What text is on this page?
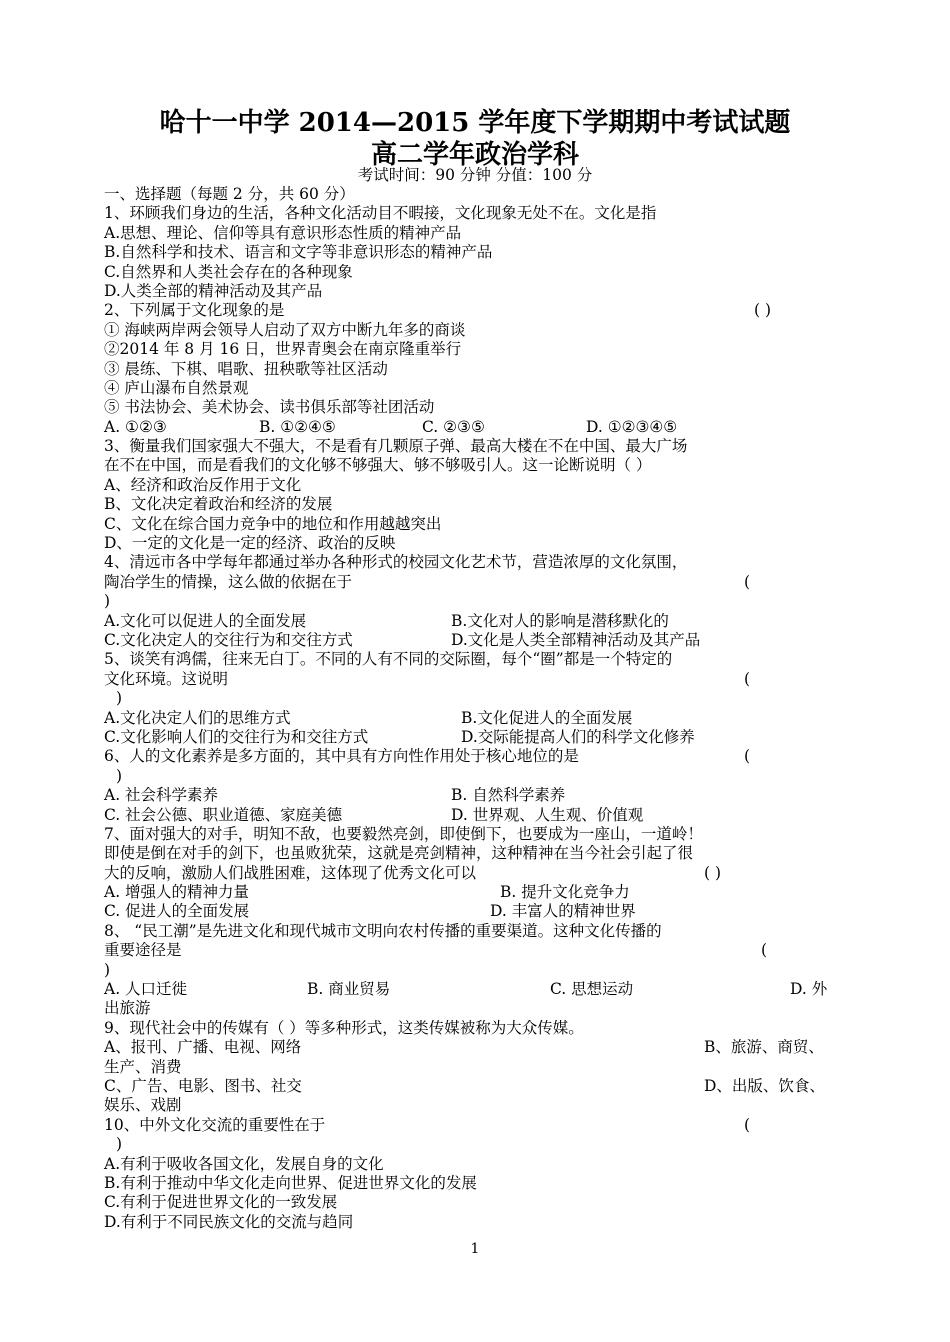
哈十一中学 2014—2015 学年度下学期期中考试试题
高二学年政治学科
考试时间：90 分钟 分值：100 分
一、选择题（每题 2 分，共 60 分）
1、环顾我们身边的生活，各种文化活动目不暇接，文化现象无处不在。文化是指
A.思想、理论、信仰等具有意识形态性质的精神产品
B.自然科学和技术、语言和文字等非意识形态的精神产品
C.自然界和人类社会存在的各种现象
D.人类全部的精神活动及其产品
2、下列属于文化现象的是	( )
① 海峡两岸两会领导人启动了双方中断九年多的商谈
②2014 年 8 月 16 日，世界青奥会在南京隆重举行
③ 晨练、下棋、唱歌、扭秧歌等社区活动
④ 庐山瀑布自然景观
⑤ 书法协会、美术协会、读书俱乐部等社团活动
A. ①②③	B. ①②④⑤	C. ②③⑤	D. ①②③④⑤
3、衡量我们国家强大不强大，不是看有几颗原子弹、最高大楼在不在中国、最大广场
在不在中国，而是看我们的文化够不够强大、够不够吸引人。这一论断说明（ ）
A、经济和政治反作用于文化
B、文化决定着政治和经济的发展
C、文化在综合国力竞争中的地位和作用越越突出
D、一定的文化是一定的经济、政治的反映
4、清远市各中学每年都通过举办各种形式的校园文化艺术节，营造浓厚的文化氛围，
陶冶学生的情操，这么做的依据在于	(
)
A.文化可以促进人的全面发展	B.文化对人的影响是潜移默化的
C.文化决定人的交往行为和交往方式	D.文化是人类全部精神活动及其产品
5、谈笑有鸿儒，往来无白丁。不同的人有不同的交际圈，每个“圈”都是一个特定的
文化环境。这说明	(
)
A.文化决定人们的思维方式	B.文化促进人的全面发展
C.文化影响人们的交往行为和交往方式	D.交际能提高人们的科学文化修养
6、人的文化素养是多方面的，其中具有方向性作用处于核心地位的是	(
)
A. 社会科学素养	B. 自然科学素养
C. 社会公德、职业道德、家庭美德	D. 世界观、人生观、价值观
7、面对强大的对手，明知不敌，也要毅然亮剑，即使倒下，也要成为一座山，一道岭！
即使是倒在对手的剑下，也虽败犹荣，这就是亮剑精神，这种精神在当今社会引起了很
大的反响，激励人们战胜困难，这体现了优秀文化可以	( )
A. 增强人的精神力量	B. 提升文化竞争力
C. 促进人的全面发展	D. 丰富人的精神世界
8、 “民工潮”是先进文化和现代城市文明向农村传播的重要渠道。这种文化传播的
重要途径是	(
)
A. 人口迁徙	B. 商业贸易	C. 思想运动	D. 外
出旅游
9、现代社会中的传媒有（ ）等多种形式，这类传媒被称为大众传媒。
A、报刊、广播、电视、网络	B、旅游、商贸、
生产、消费
C、广告、电影、图书、社交	D、出版、饮食、
娱乐、戏剧
10、中外文化交流的重要性在于	(
)
A.有利于吸收各国文化，发展自身的文化
B.有利于推动中华文化走向世界、促进世界文化的发展
C.有利于促进世界文化的一致发展
D.有利于不同民族文化的交流与趋同
1
